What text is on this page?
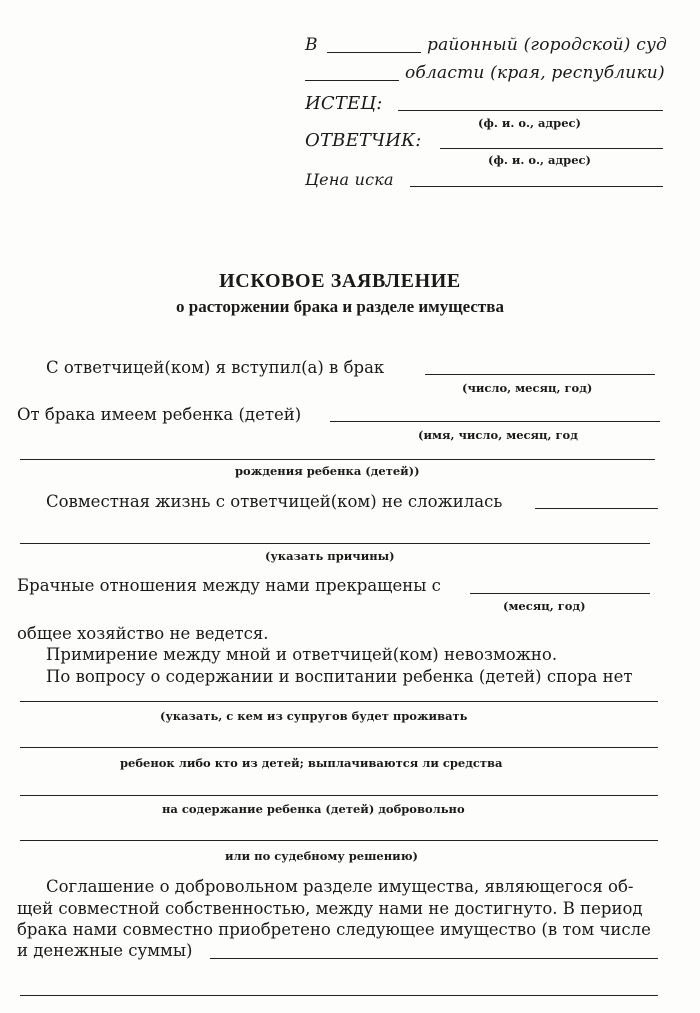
В	районный (городской) суд
области (края, республики)
ИСТЕЦ:
(ф. и. о., адрес)
ОТВЕТЧИК:
(ф. и. о., адрес)
Цена иска
ИСКОВОЕ ЗАЯВЛЕНИЕ
о расторжении брака и разделе имущества
С ответчицей(ком) я вступил(а) в брак
(число, месяц, год)
От брака имеем ребенка (детей)
(имя, число, месяц, год
рождения ребенка (детей))
Совместная жизнь с ответчицей(ком) не сложилась
(указать причины)
Брачные отношения между нами прекращены с
(месяц, год)
общее хозяйство не ведется.
Примирение между мной и ответчицей(ком) невозможно.
По вопросу о содержании и воспитании ребенка (детей) спора нет
(указать, с кем из супругов будет проживать
ребенок либо кто из детей; выплачиваются ли средства
на содержание ребенка (детей) добровольно
или по судебному решению)
Соглашение о добровольном разделе имущества, являющегося об-
щей совместной собственностью, между нами не достигнуто. В период
брака нами совместно приобретено следующее имущество (в том числе
и денежные суммы)
